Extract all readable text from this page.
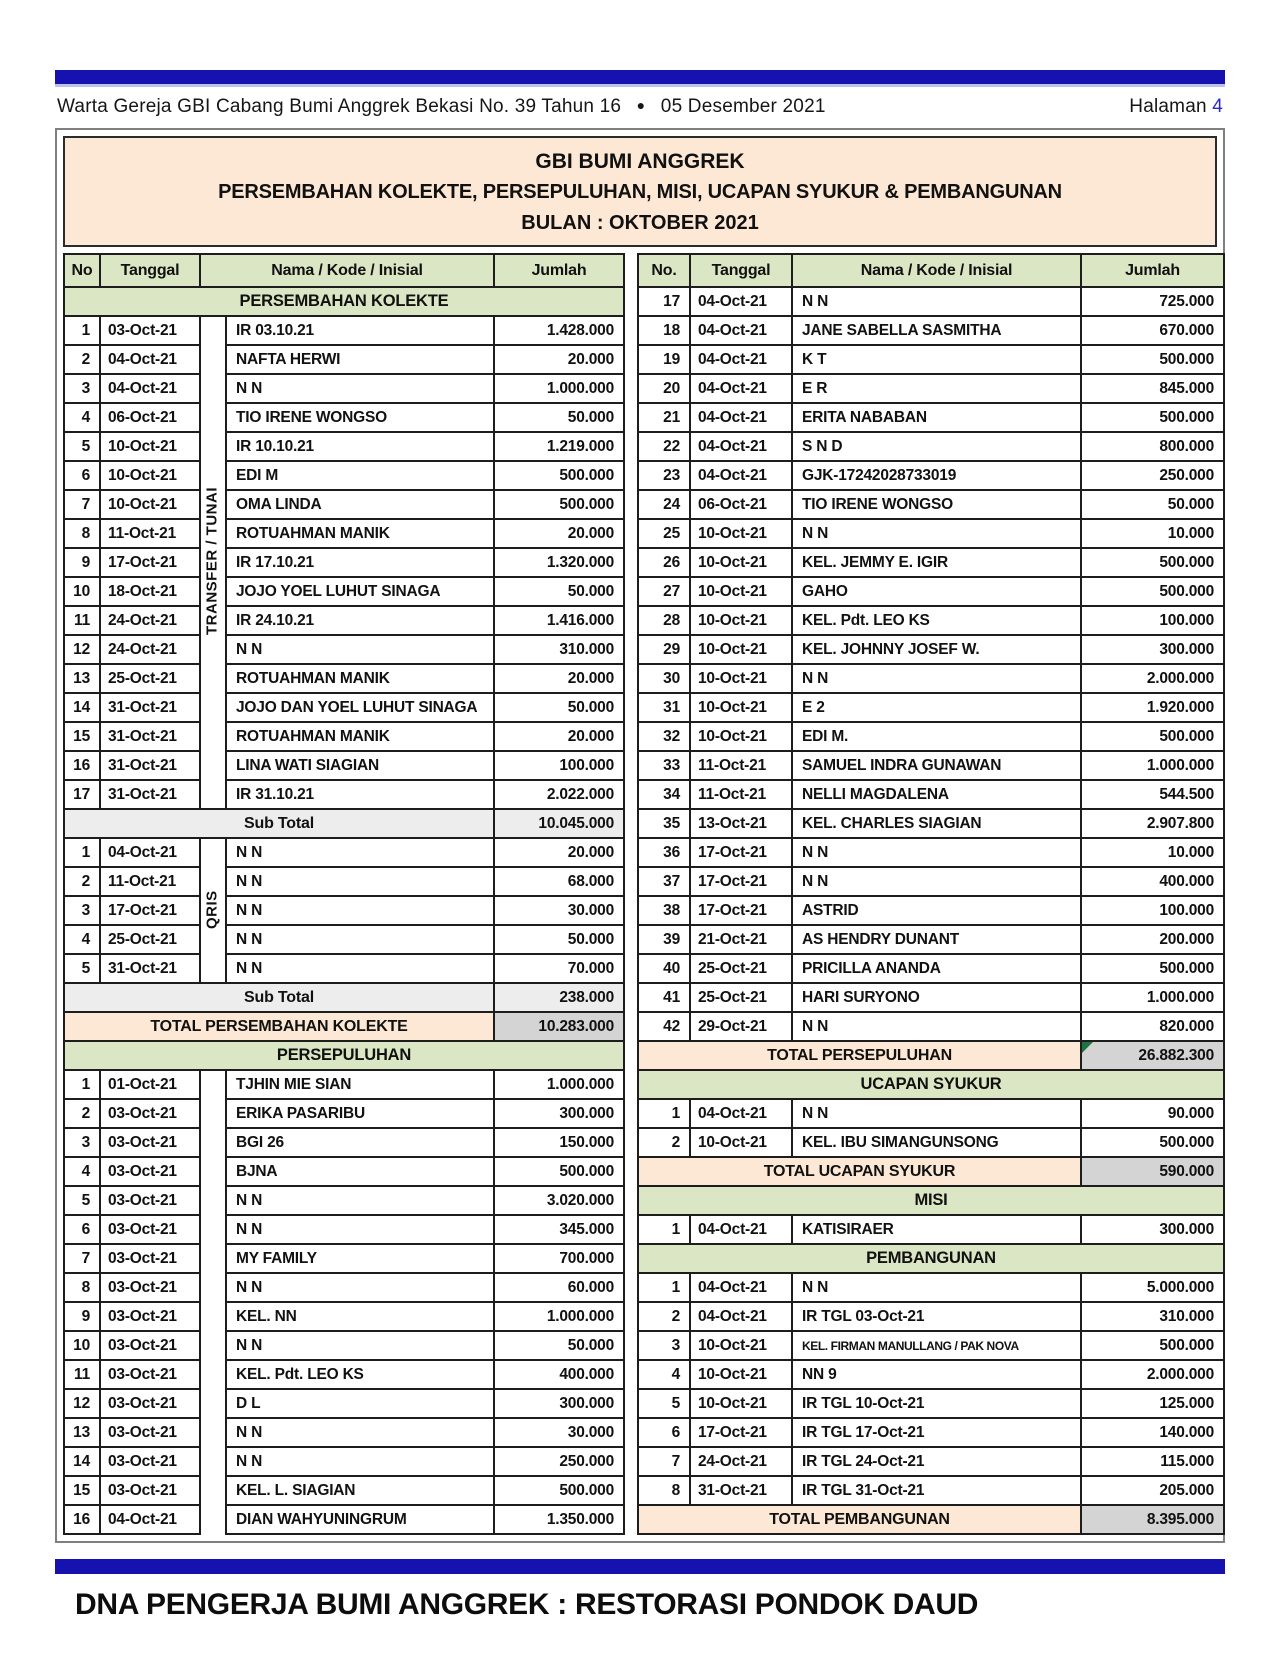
Warta Gereja GBI Cabang Bumi Anggrek Bekasi No. 39 Tahun 16 ● 05 Desember 2021	Halaman 4
GBI BUMI ANGGREK
PERSEMBAHAN KOLEKTE, PERSEPULUHAN, MISI, UCAPAN SYUKUR & PEMBANGUNAN
BULAN : OKTOBER 2021
No	Tanggal	Nama / Kode / Inisial		Jumlah
PERSEMBAHAN KOLEKTE				
1	03-Oct-21		IR 03.10.21	1.428.000
2	04-Oct-21		NAFTA HERWI	20.000
3	04-Oct-21		N N	1.000.000
4	06-Oct-21		TIO IRENE WONGSO	50.000
5	10-Oct-21		IR 10.10.21	1.219.000
6	10-Oct-21		EDI M	500.000
7	10-Oct-21		OMA LINDA	500.000
8	11-Oct-21		ROTUAHMAN MANIK	20.000
9	17-Oct-21		IR 17.10.21	1.320.000
10	18-Oct-21		JOJO YOEL LUHUT SINAGA	50.000
11	24-Oct-21		IR 24.10.21	1.416.000
12	24-Oct-21		N N	310.000
13	25-Oct-21		ROTUAHMAN MANIK	20.000
14	31-Oct-21		JOJO DAN YOEL LUHUT SINAGA	50.000
15	31-Oct-21		ROTUAHMAN MANIK	20.000
16	31-Oct-21		LINA WATI SIAGIAN	100.000
17	31-Oct-21		IR 31.10.21	2.022.000
Sub Total				10.045.000
1	04-Oct-21		N N	20.000
2	11-Oct-21		N N	68.000
3	17-Oct-21		N N	30.000
4	25-Oct-21		N N	50.000
5	31-Oct-21		N N	70.000
Sub Total				238.000
TOTAL PERSEMBAHAN KOLEKTE				10.283.000
PERSEPULUHAN				
1	01-Oct-21		TJHIN MIE SIAN	1.000.000
2	03-Oct-21		ERIKA PASARIBU	300.000
3	03-Oct-21		BGI 26	150.000
4	03-Oct-21		BJNA	500.000
5	03-Oct-21		N N	3.020.000
6	03-Oct-21		N N	345.000
7	03-Oct-21		MY FAMILY	700.000
8	03-Oct-21		N N	60.000
9	03-Oct-21		KEL. NN	1.000.000
10	03-Oct-21		N N	50.000
11	03-Oct-21		KEL. Pdt. LEO KS	400.000
12	03-Oct-21		D L	300.000
13	03-Oct-21		N N	30.000
14	03-Oct-21		N N	250.000
15	03-Oct-21		KEL. L. SIAGIAN	500.000
16	04-Oct-21		DIAN WAHYUNINGRUM	1.350.000
TRANSFER / TUNAI
QRIS
No.	Tanggal	Nama / Kode / Inisial	Jumlah
17	04-Oct-21	N N	725.000
18	04-Oct-21	JANE SABELLA SASMITHA	670.000
19	04-Oct-21	K T	500.000
20	04-Oct-21	E R	845.000
21	04-Oct-21	ERITA NABABAN	500.000
22	04-Oct-21	S N D	800.000
23	04-Oct-21	GJK-17242028733019	250.000
24	06-Oct-21	TIO IRENE WONGSO	50.000
25	10-Oct-21	N N	10.000
26	10-Oct-21	KEL. JEMMY E. IGIR	500.000
27	10-Oct-21	GAHO	500.000
28	10-Oct-21	KEL. Pdt. LEO KS	100.000
29	10-Oct-21	KEL. JOHNNY JOSEF W.	300.000
30	10-Oct-21	N N	2.000.000
31	10-Oct-21	E 2	1.920.000
32	10-Oct-21	EDI M.	500.000
33	11-Oct-21	SAMUEL INDRA GUNAWAN	1.000.000
34	11-Oct-21	NELLI MAGDALENA	544.500
35	13-Oct-21	KEL. CHARLES SIAGIAN	2.907.800
36	17-Oct-21	N N	10.000
37	17-Oct-21	N N	400.000
38	17-Oct-21	ASTRID	100.000
39	21-Oct-21	AS HENDRY DUNANT	200.000
40	25-Oct-21	PRICILLA ANANDA	500.000
41	25-Oct-21	HARI SURYONO	1.000.000
42	29-Oct-21	N N	820.000
TOTAL PERSEPULUHAN			26.882.300
UCAPAN SYUKUR			
1	04-Oct-21	N N	90.000
2	10-Oct-21	KEL. IBU SIMANGUNSONG	500.000
TOTAL UCAPAN SYUKUR			590.000
MISI			
1	04-Oct-21	KATISIRAER	300.000
PEMBANGUNAN			
1	04-Oct-21	N N	5.000.000
2	04-Oct-21	IR TGL 03-Oct-21	310.000
3	10-Oct-21	KEL. FIRMAN MANULLANG / PAK NOVA	500.000
4	10-Oct-21	NN 9	2.000.000
5	10-Oct-21	IR TGL 10-Oct-21	125.000
6	17-Oct-21	IR TGL 17-Oct-21	140.000
7	24-Oct-21	IR TGL 24-Oct-21	115.000
8	31-Oct-21	IR TGL 31-Oct-21	205.000
TOTAL PEMBANGUNAN			8.395.000
DNA PENGERJA BUMI ANGGREK : RESTORASI PONDOK DAUD
